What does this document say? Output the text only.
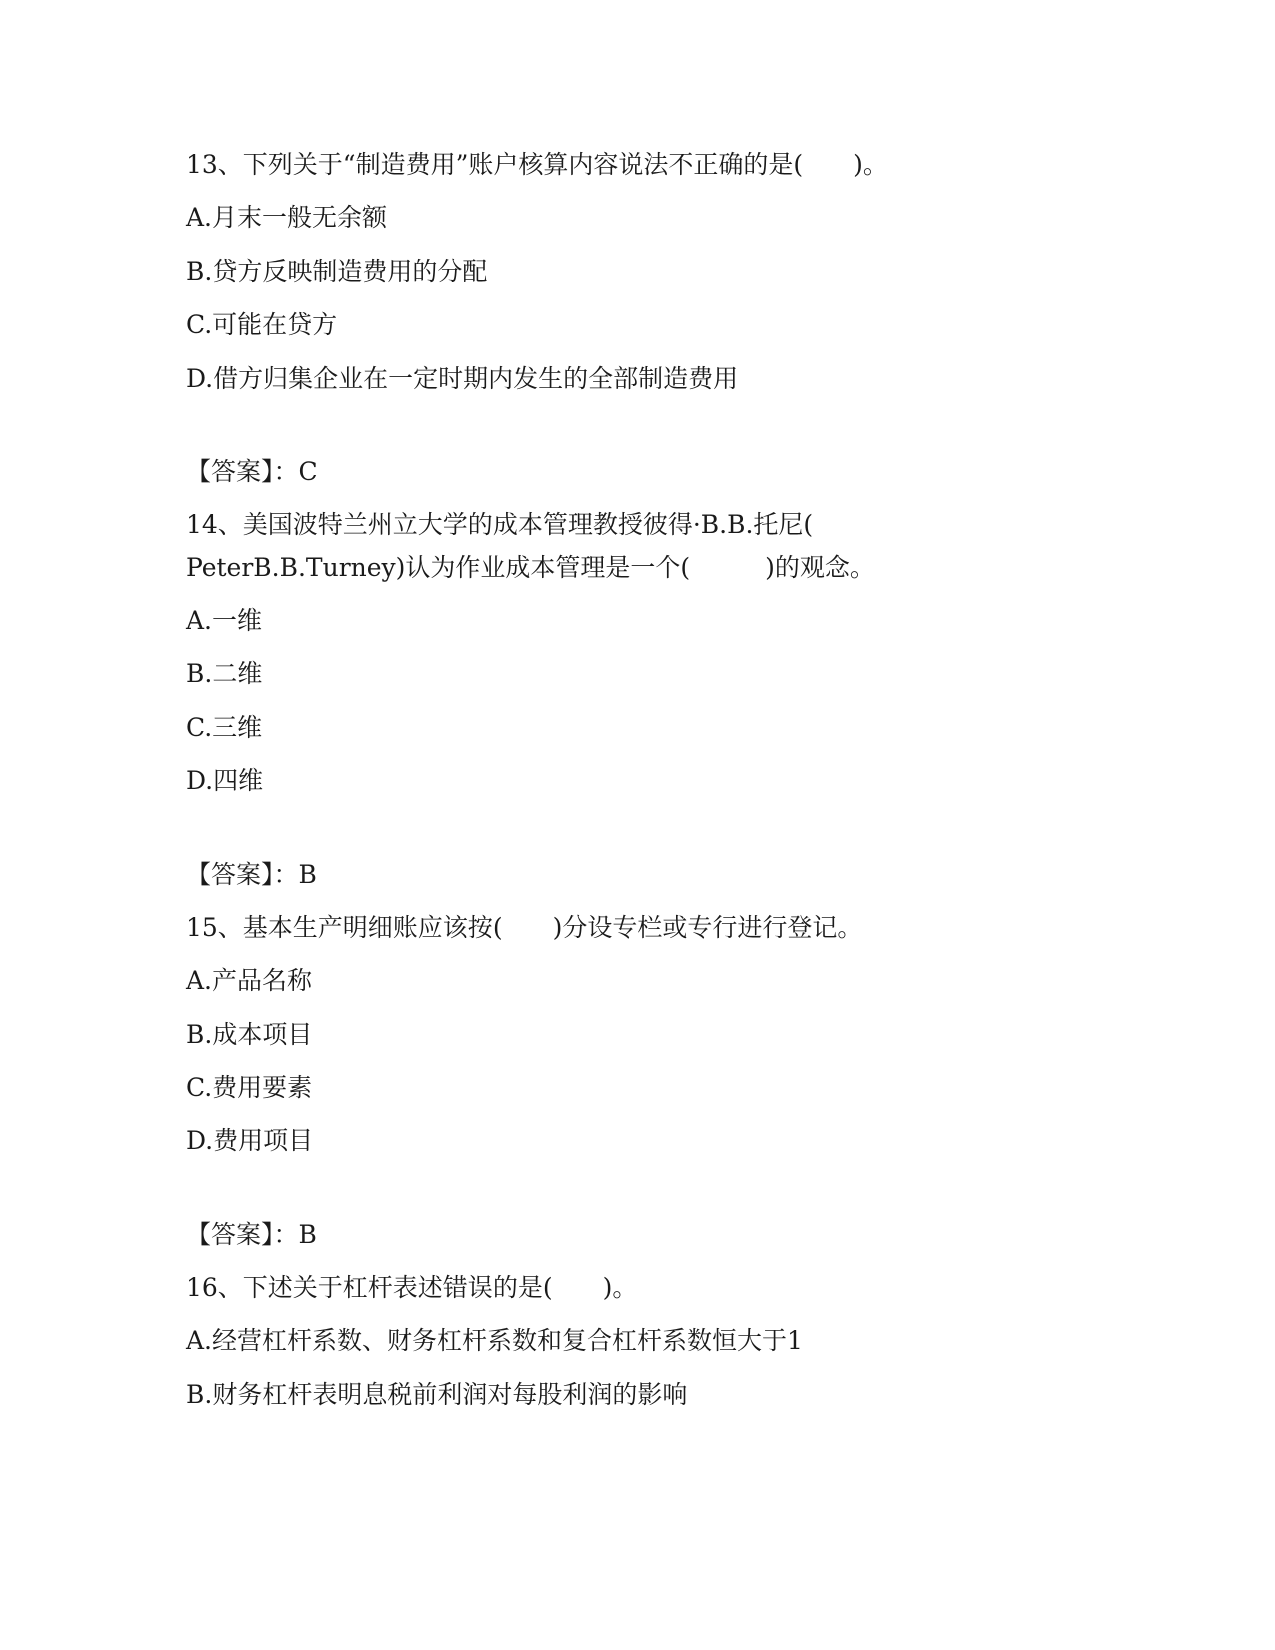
13、下列关于“制造费用”账户核算内容说法不正确的是(　　)。
A.月末一般无余额
B.贷方反映制造费用的分配
C.可能在贷方
D.借方归集企业在一定时期内发生的全部制造费用
【答案】：C
14、美国波特兰州立大学的成本管理教授彼得·B.B.托尼(
PeterB.B.Turney)认为作业成本管理是一个(　　　)的观念。
A.一维
B.二维
C.三维
D.四维
【答案】：B
15、基本生产明细账应该按(　　)分设专栏或专行进行登记。
A.产品名称
B.成本项目
C.费用要素
D.费用项目
【答案】：B
16、下述关于杠杆表述错误的是(　　)。
A.经营杠杆系数、财务杠杆系数和复合杠杆系数恒大于1
B.财务杠杆表明息税前利润对每股利润的影响
